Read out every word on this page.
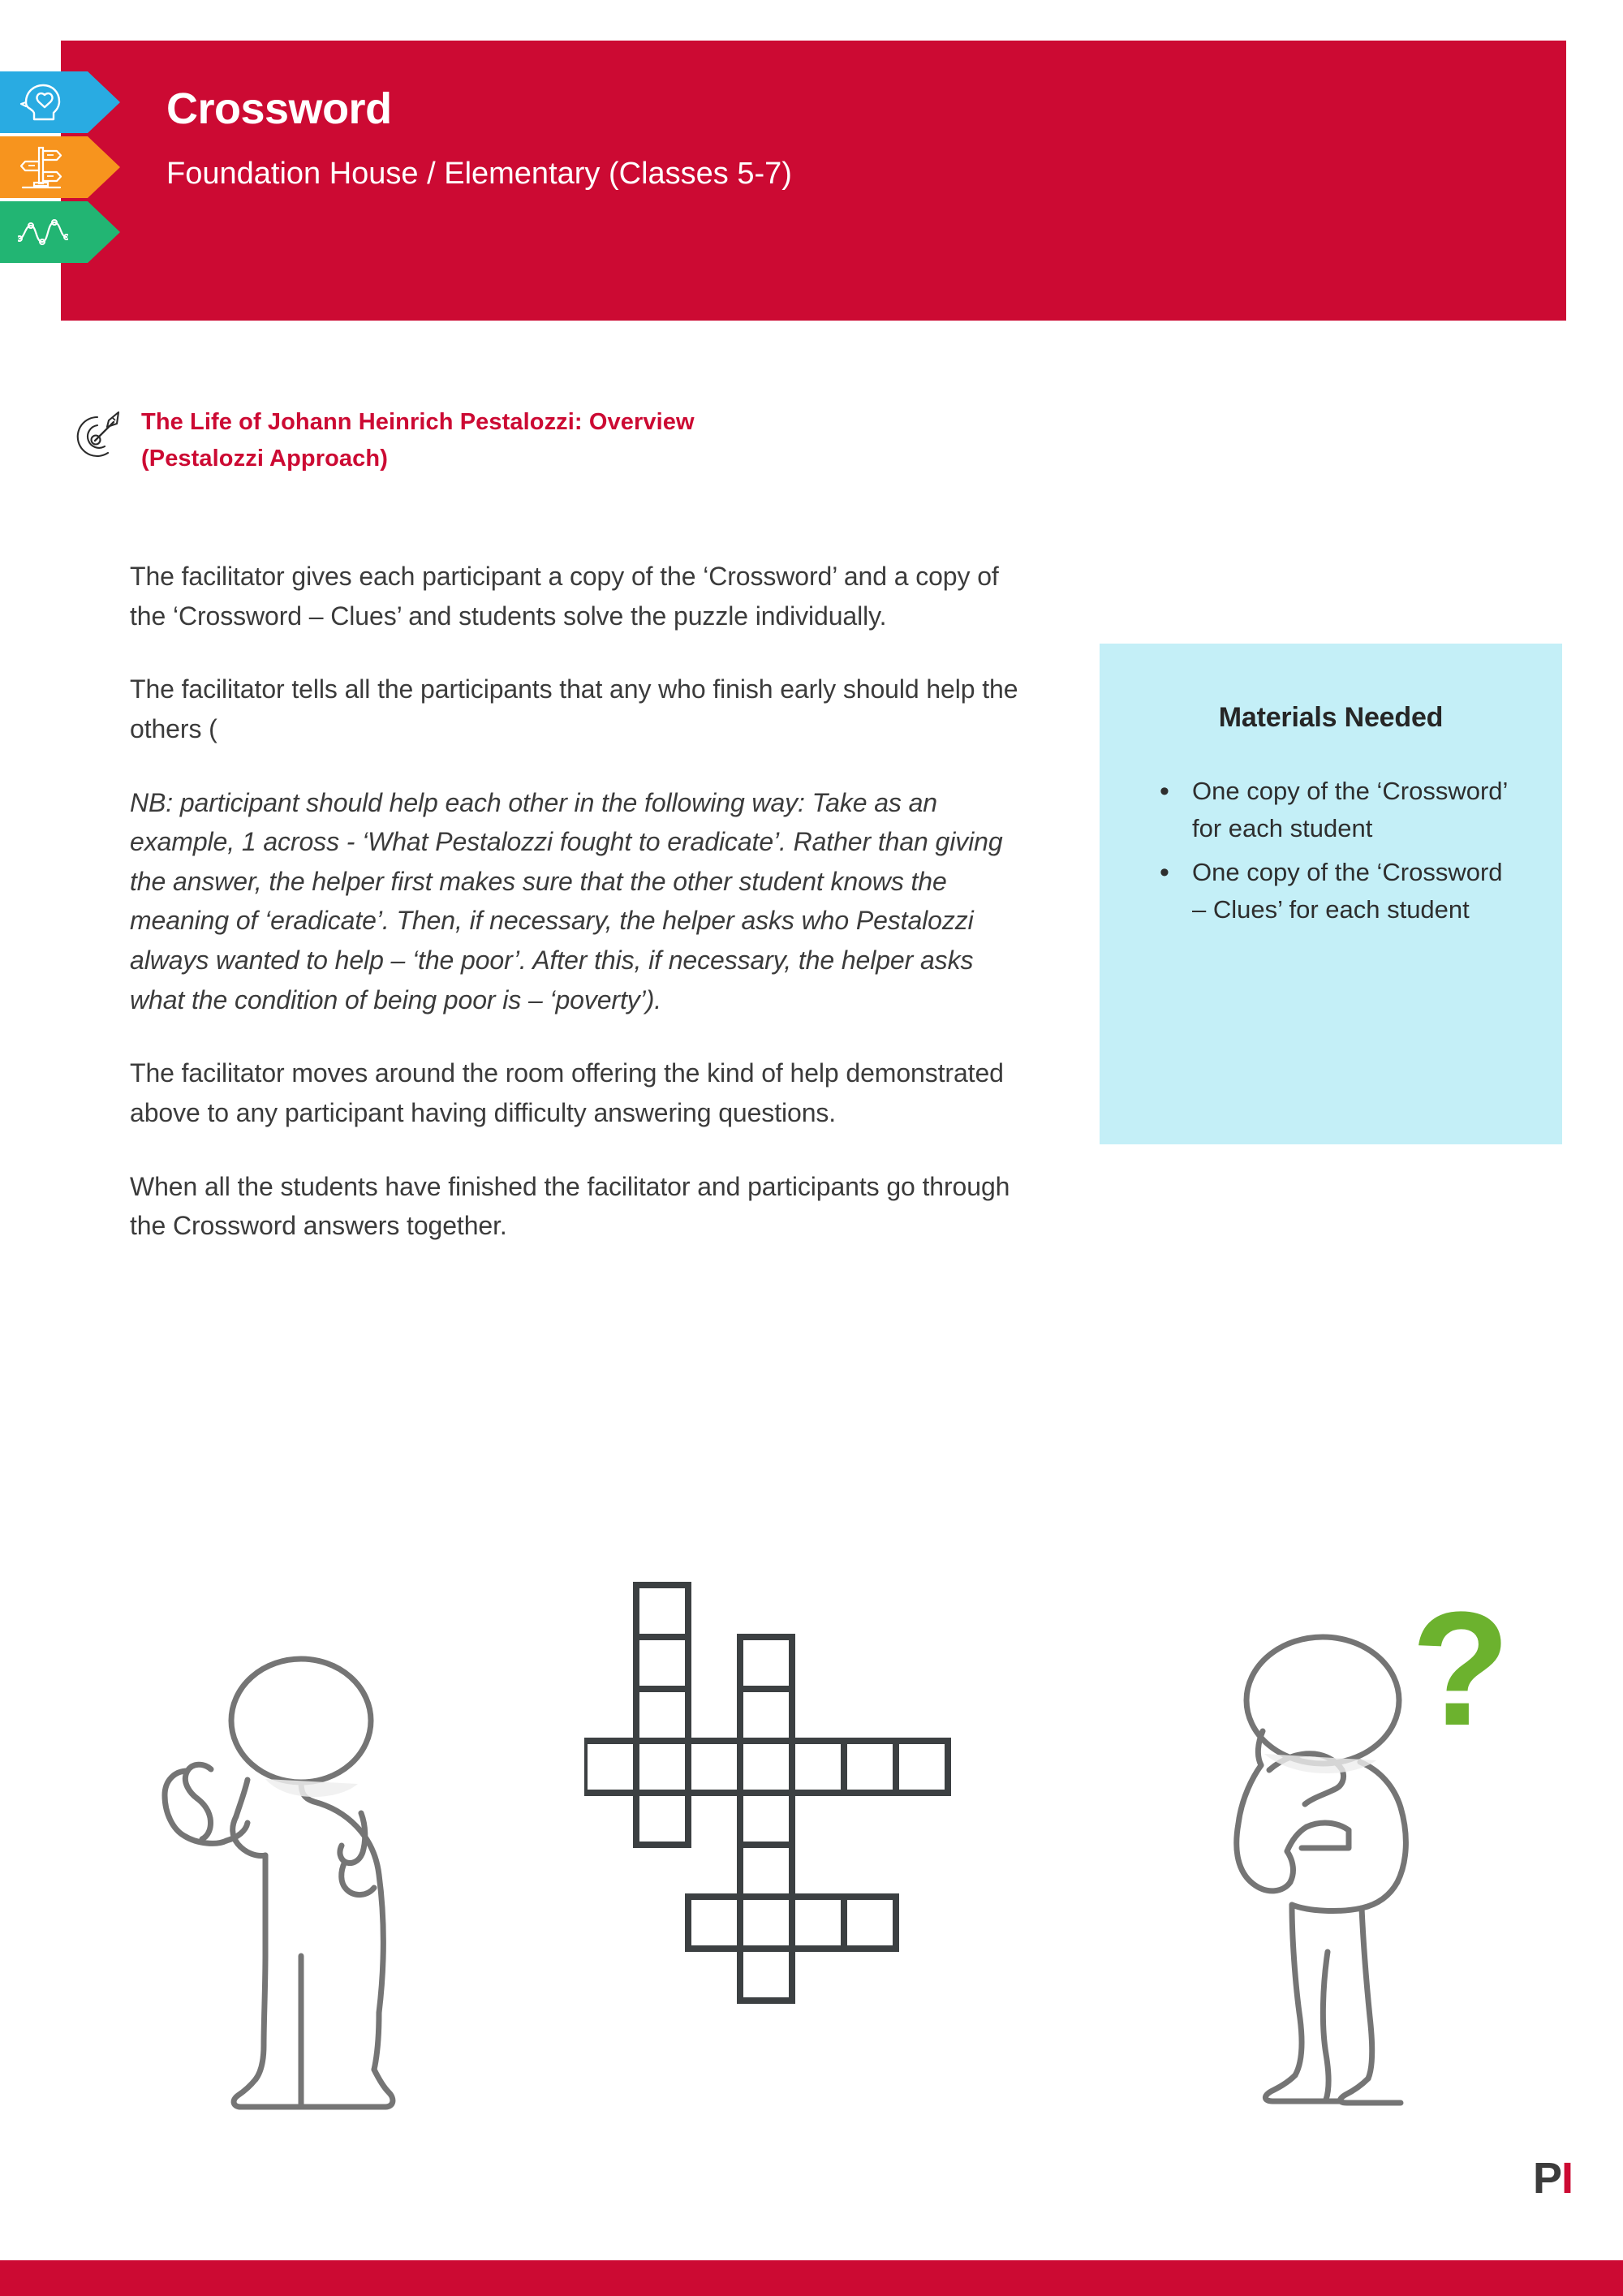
Crossword
Foundation House / Elementary (Classes 5-7)
The Life of Johann Heinrich Pestalozzi: Overview
(Pestalozzi Approach)

The facilitator gives each participant a copy of the ‘Crossword’ and a copy of the ‘Crossword – Clues’ and students solve the puzzle individually.

The facilitator tells all the participants that any who finish early should help the others (

NB: participant should help each other in the following way: Take as an example, 1 across - ‘What Pestalozzi fought to eradicate’. Rather than giving the answer, the helper first makes sure that the other student knows the meaning of ‘eradicate’. Then, if necessary, the helper asks who Pestalozzi always wanted to help – ‘the poor’. After this, if necessary, the helper asks what the condition of being poor is – ‘poverty’).

The facilitator moves around the room offering the kind of help demonstrated above to any participant having difficulty answering questions.

When all the students have finished the facilitator and participants go through the Crossword answers together.

Materials Needed
• One copy of the ‘Crossword’ for each student
• One copy of the ‘Crossword – Clues’ for each student
?
PI
